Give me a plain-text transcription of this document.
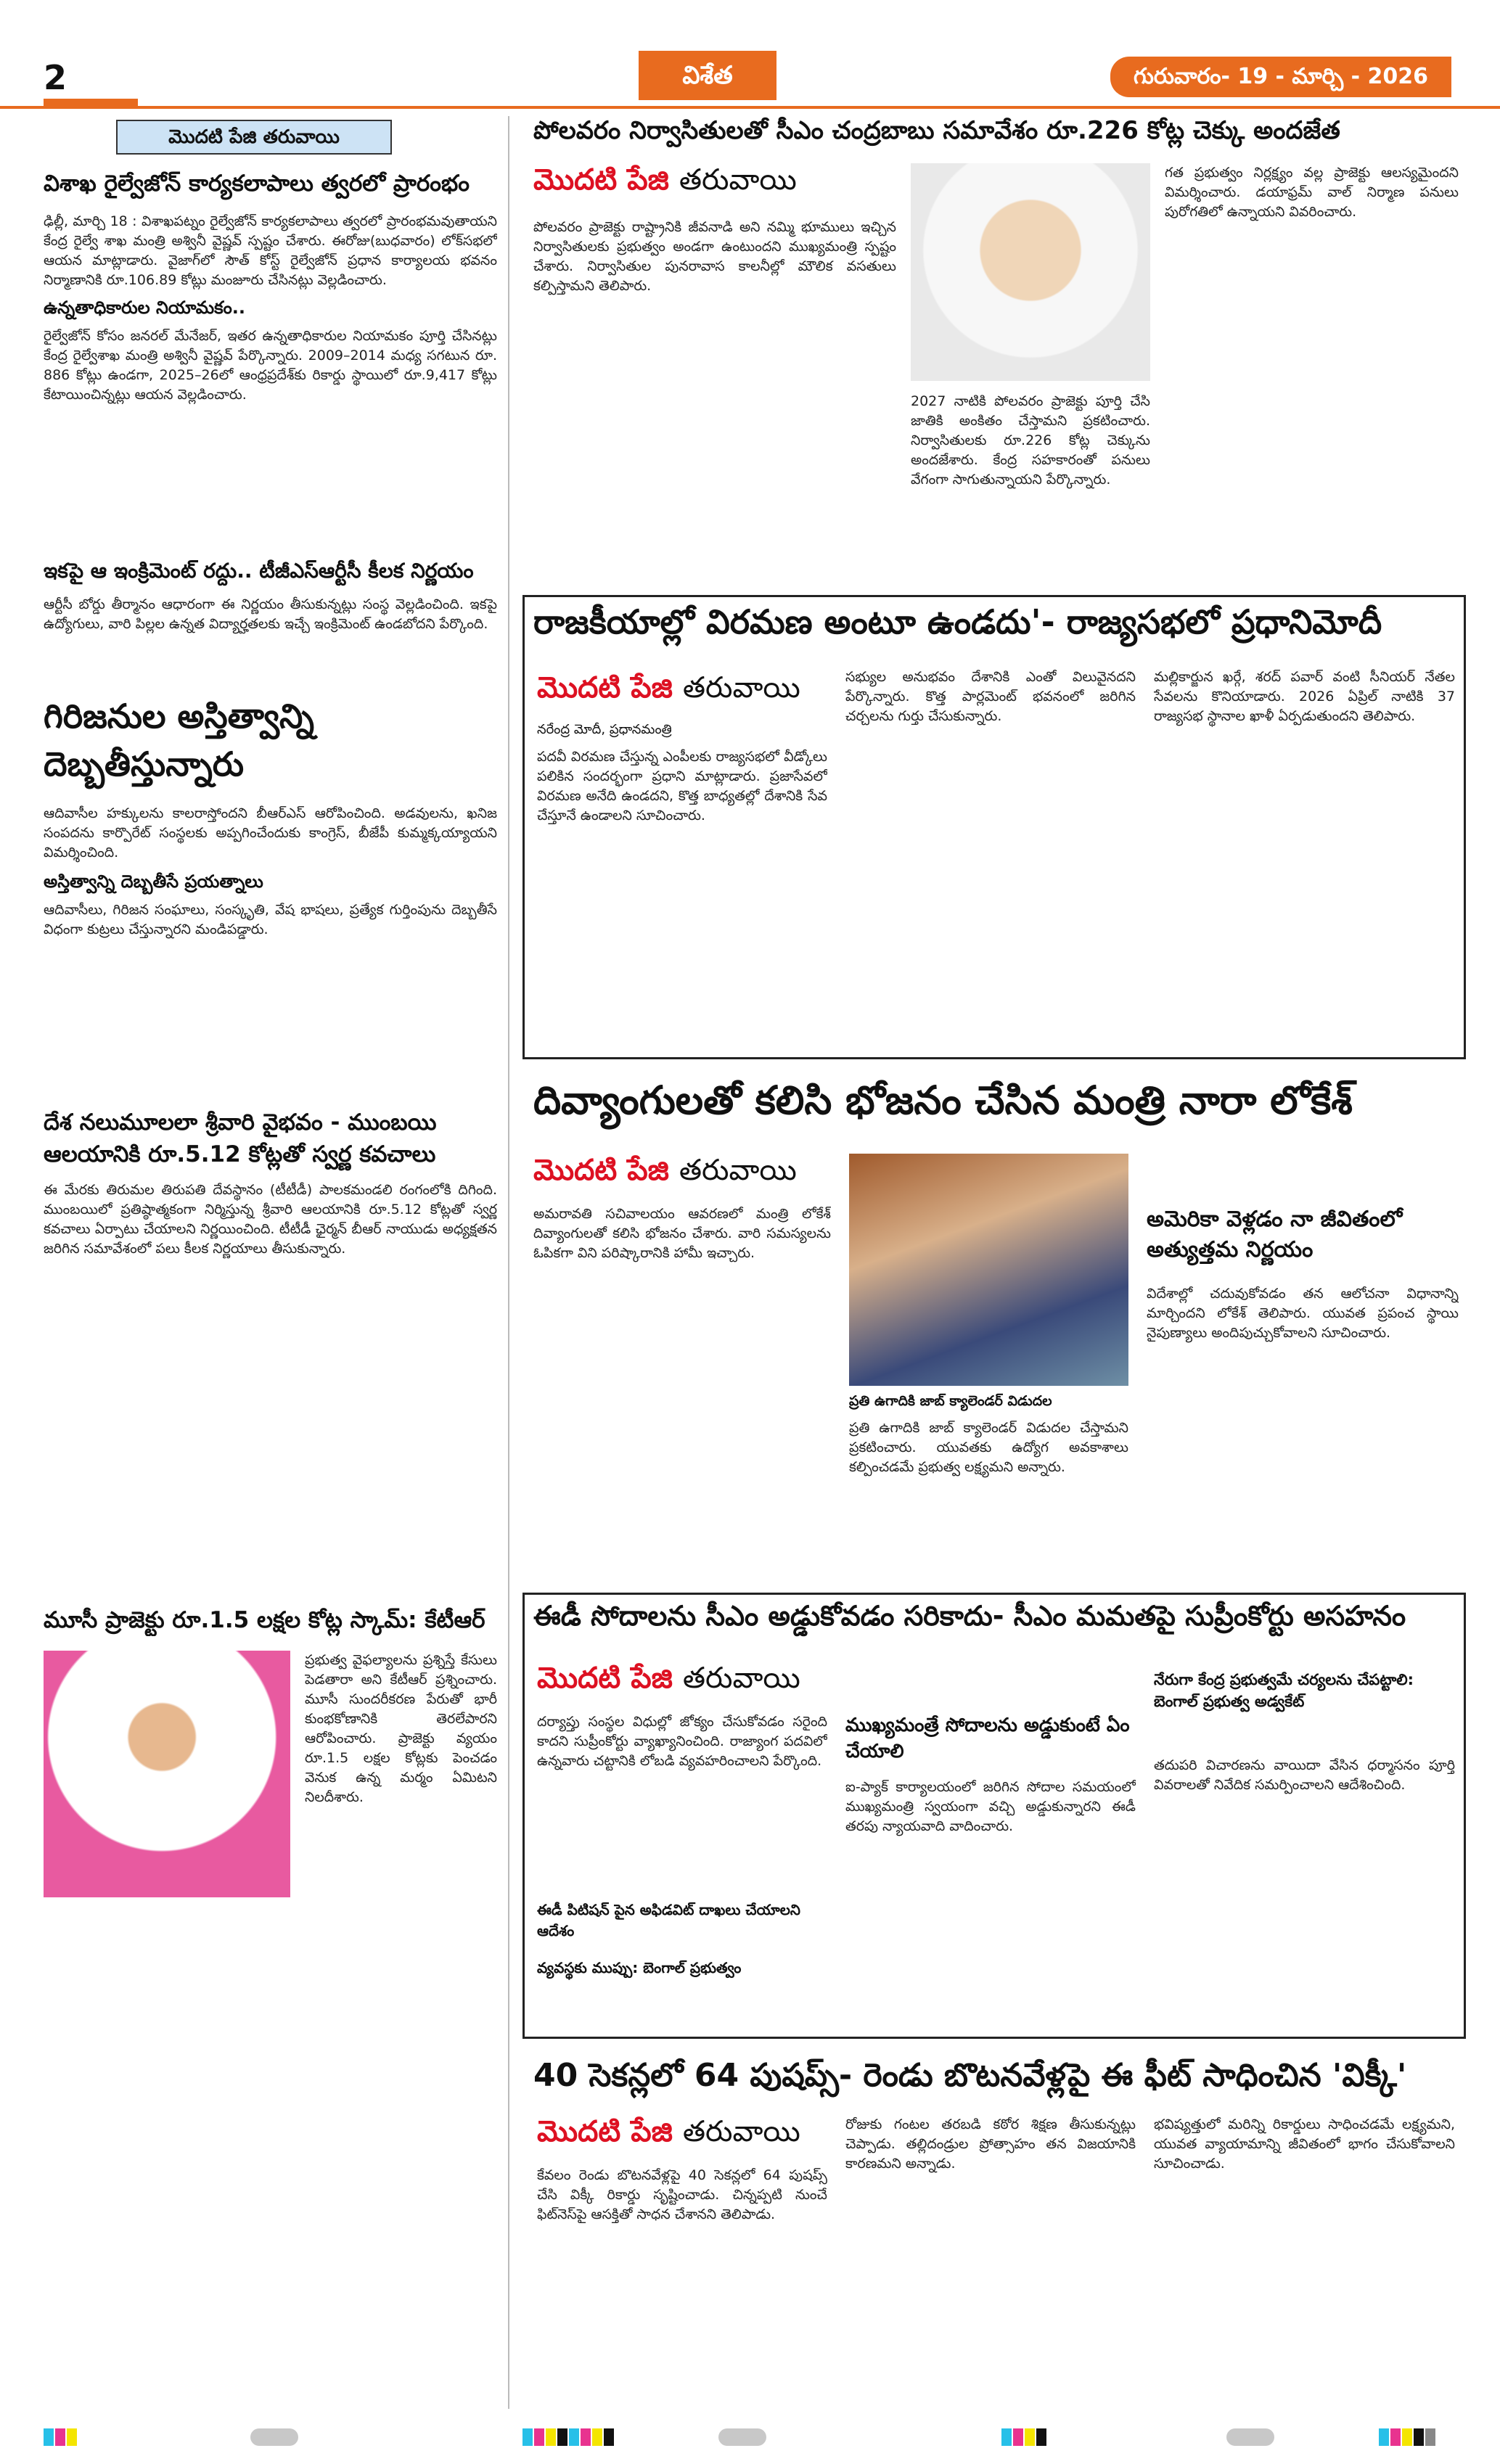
2	విశేత	గురువారం- 19 - మార్చి - 2026
మొదటి పేజి తరువాయి
విశాఖ రైల్వేజోన్ కార్యకలాపాలు త్వరలో ప్రారంభం
ఢిల్లీ, మార్చి 18 : విశాఖపట్నం రైల్వేజోన్ కార్యకలాపాలు త్వరలో ప్రారంభమవుతాయని కేంద్ర రైల్వే శాఖ మంత్రి అశ్వినీ వైష్ణవ్ స్పష్టం చేశారు. ఈరోజు(బుధవారం) లోక్‌సభలో ఆయన మాట్లాడారు. వైజాగ్‌లో సౌత్ కోస్ట్ రైల్వేజోన్ ప్రధాన కార్యాలయ భవనం నిర్మాణానికి రూ.106.89 కోట్లు మంజూరు చేసినట్లు వెల్లడించారు.
ఉన్నతాధికారుల నియామకం..
రైల్వేజోన్ కోసం జనరల్ మేనేజర్, ఇతర ఉన్నతాధికారుల నియామకం పూర్తి చేసినట్లు కేంద్ర రైల్వేశాఖ మంత్రి అశ్వినీ వైష్ణవ్ పేర్కొన్నారు. 2009–2014 మధ్య సగటున రూ. 886 కోట్లు ఉండగా, 2025–26లో ఆంధ్రప్రదేశ్‌కు రికార్డు స్థాయిలో రూ.9,417 కోట్లు కేటాయించిన్నట్లు ఆయన వెల్లడించారు.
ఇకపై ఆ ఇంక్రిమెంట్ రద్దు.. టీజీఎస్ఆర్టీసీ కీలక నిర్ణయం
ఆర్టీసీ బోర్డు తీర్మానం ఆధారంగా ఈ నిర్ణయం తీసుకున్నట్లు సంస్థ వెల్లడించింది. ఇకపై ఉద్యోగులు, వారి పిల్లల ఉన్నత విద్యార్హతలకు ఇచ్చే ఇంక్రిమెంట్ ఉండబోదని పేర్కొంది.
గిరిజనుల అస్తిత్వాన్ని దెబ్బతీస్తున్నారు
ఆదివాసీల హక్కులను కాలరాస్తోందని బీఆర్‌ఎస్ ఆరోపించింది. అడవులను, ఖనిజ సంపదను కార్పొరేట్ సంస్థలకు అప్పగించేందుకు కాంగ్రెస్, బీజేపీ కుమ్మక్కయ్యాయని విమర్శించింది.
అస్తిత్వాన్ని దెబ్బతీసే ప్రయత్నాలు
ఆదివాసీలు, గిరిజన సంఘాలు, సంస్కృతి, వేష భాషలు, ప్రత్యేక గుర్తింపును దెబ్బతీసే విధంగా కుట్రలు చేస్తున్నారని మండిపడ్డారు.
దేశ నలుమూలలా శ్రీవారి వైభవం - ముంబయి ఆలయానికి రూ.5.12 కోట్లతో స్వర్ణ కవచాలు
ఈ మేరకు తిరుమల తిరుపతి దేవస్థానం (టీటీడీ) పాలకమండలి రంగంలోకి దిగింది. ముంబయిలో ప్రతిష్ఠాత్మకంగా నిర్మిస్తున్న శ్రీవారి ఆలయానికి రూ.5.12 కోట్లతో స్వర్ణ కవచాలు ఏర్పాటు చేయాలని నిర్ణయించింది. టీటీడీ ఛైర్మన్ బీఆర్ నాయుడు అధ్యక్షతన జరిగిన సమావేశంలో పలు కీలక నిర్ణయాలు తీసుకున్నారు.
మూసీ ప్రాజెక్టు రూ.1.5 లక్షల కోట్ల స్కామ్: కేటీఆర్
ప్రభుత్వ వైఫల్యాలను ప్రశ్నిస్తే కేసులు పెడతారా అని కేటీఆర్ ప్రశ్నించారు. మూసీ సుందరీకరణ పేరుతో భారీ కుంభకోణానికి తెరలేపారని ఆరోపించారు. ప్రాజెక్టు వ్యయం రూ.1.5 లక్షల కోట్లకు పెంచడం వెనుక ఉన్న మర్మం ఏమిటని నిలదీశారు.
పోలవరం నిర్వాసితులతో సీఎం చంద్రబాబు సమావేశం రూ.226 కోట్ల చెక్కు అందజేత
మొదటి పేజి తరువాయి
పోలవరం ప్రాజెక్టు రాష్ట్రానికి జీవనాడి అని నమ్మి భూములు ఇచ్చిన నిర్వాసితులకు ప్రభుత్వం అండగా ఉంటుందని ముఖ్యమంత్రి స్పష్టం చేశారు. నిర్వాసితుల పునరావాస కాలనీల్లో మౌలిక వసతులు కల్పిస్తామని తెలిపారు.
2027 నాటికి పోలవరం ప్రాజెక్టు పూర్తి చేసి జాతికి అంకితం చేస్తామని ప్రకటించారు. నిర్వాసితులకు రూ.226 కోట్ల చెక్కును అందజేశారు. కేంద్ర సహకారంతో పనులు వేగంగా సాగుతున్నాయని పేర్కొన్నారు.
గత ప్రభుత్వం నిర్లక్ష్యం వల్ల ప్రాజెక్టు ఆలస్యమైందని విమర్శించారు. డయాఫ్రమ్ వాల్ నిర్మాణ పనులు పురోగతిలో ఉన్నాయని వివరించారు.
రాజకీయాల్లో విరమణ అంటూ ఉండదు'- రాజ్యసభలో ప్రధానిమోదీ
మొదటి పేజి తరువాయి
నరేంద్ర మోదీ, ప్రధానమంత్రి
పదవీ విరమణ చేస్తున్న ఎంపీలకు రాజ్యసభలో వీడ్కోలు పలికిన సందర్భంగా ప్రధాని మాట్లాడారు. ప్రజాసేవలో విరమణ అనేది ఉండదని, కొత్త బాధ్యతల్లో దేశానికి సేవ చేస్తూనే ఉండాలని సూచించారు.
సభ్యుల అనుభవం దేశానికి ఎంతో విలువైనదని పేర్కొన్నారు. కొత్త పార్లమెంట్ భవనంలో జరిగిన చర్చలను గుర్తు చేసుకున్నారు.
మల్లికార్జున ఖర్గే, శరద్ పవార్ వంటి సీనియర్ నేతల సేవలను కొనియాడారు. 2026 ఏప్రిల్ నాటికి 37 రాజ్యసభ స్థానాల ఖాళీ ఏర్పడుతుందని తెలిపారు.
దివ్యాంగులతో కలిసి భోజనం చేసిన మంత్రి నారా లోకేశ్
మొదటి పేజి తరువాయి
అమరావతి సచివాలయం ఆవరణలో మంత్రి లోకేశ్ దివ్యాంగులతో కలిసి భోజనం చేశారు. వారి సమస్యలను ఓపికగా విని పరిష్కారానికి హామీ ఇచ్చారు.
ప్రతి ఉగాదికి జాబ్ క్యాలెండర్ విడుదల
ప్రతి ఉగాదికి జాబ్ క్యాలెండర్ విడుదల చేస్తామని ప్రకటించారు. యువతకు ఉద్యోగ అవకాశాలు కల్పించడమే ప్రభుత్వ లక్ష్యమని అన్నారు.
అమెరికా వెళ్లడం నా జీవితంలో అత్యుత్తమ నిర్ణయం
విదేశాల్లో చదువుకోవడం తన ఆలోచనా విధానాన్ని మార్చిందని లోకేశ్ తెలిపారు. యువత ప్రపంచ స్థాయి నైపుణ్యాలు అందిపుచ్చుకోవాలని సూచించారు.
ఈడీ సోదాలను సీఎం అడ్డుకోవడం సరికాదు- సీఎం మమతపై సుప్రీంకోర్టు అసహనం
మొదటి పేజి తరువాయి
దర్యాప్తు సంస్థల విధుల్లో జోక్యం చేసుకోవడం సరైంది కాదని సుప్రీంకోర్టు వ్యాఖ్యానించింది. రాజ్యాంగ పదవిలో ఉన్నవారు చట్టానికి లోబడి వ్యవహరించాలని పేర్కొంది.
ఈడీ పిటిషన్‌ పైన అఫిడవిట్ దాఖలు చేయాలని ఆదేశం
వ్యవస్థకు ముప్పు: బెంగాల్ ప్రభుత్వం
ముఖ్యమంత్రే సోదాలను అడ్డుకుంటే ఏం చేయాలి
ఐ-ప్యాక్ కార్యాలయంలో జరిగిన సోదాల సమయంలో ముఖ్యమంత్రి స్వయంగా వచ్చి అడ్డుకున్నారని ఈడీ తరపు న్యాయవాది వాదించారు.
నేరుగా కేంద్ర ప్రభుత్వమే చర్యలను చేపట్టాలి: బెంగాల్ ప్రభుత్వ అడ్వకేట్
తదుపరి విచారణను వాయిదా వేసిన ధర్మాసనం పూర్తి వివరాలతో నివేదిక సమర్పించాలని ఆదేశించింది.
40 సెకన్లలో 64 పుషప్స్- రెండు బొటనవేళ్లపై ఈ ఫీట్ సాధించిన 'విక్కీ'
మొదటి పేజి తరువాయి
కేవలం రెండు బొటనవేళ్లపై 40 సెకన్లలో 64 పుషప్స్ చేసి విక్కీ రికార్డు సృష్టించాడు. చిన్నప్పటి నుంచే ఫిట్‌నెస్‌పై ఆసక్తితో సాధన చేశానని తెలిపాడు.
రోజుకు గంటల తరబడి కఠోర శిక్షణ తీసుకున్నట్లు చెప్పాడు. తల్లిదండ్రుల ప్రోత్సాహం తన విజయానికి కారణమని అన్నాడు.
భవిష్యత్తులో మరిన్ని రికార్డులు సాధించడమే లక్ష్యమని, యువత వ్యాయామాన్ని జీవితంలో భాగం చేసుకోవాలని సూచించాడు.
